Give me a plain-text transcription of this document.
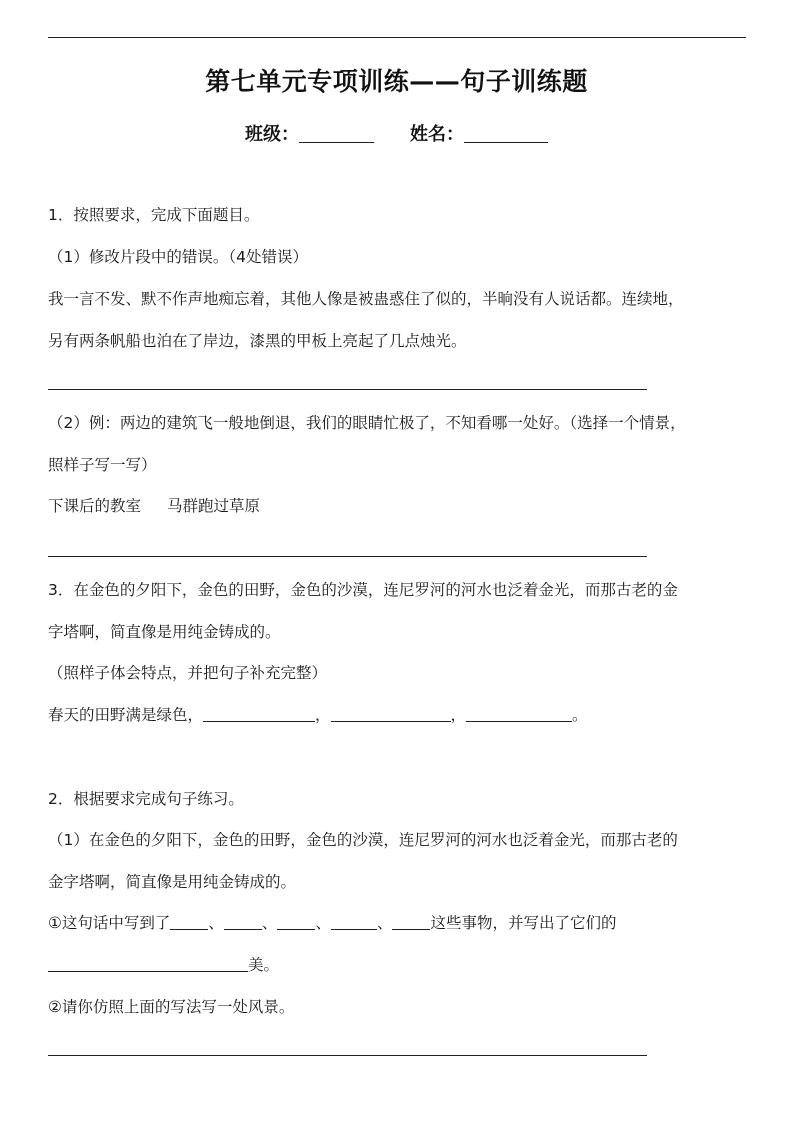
第七单元专项训练——句子训练题
班级：	姓名：
1．按照要求，完成下面题目。
（1）修改片段中的错误。（4处错误）
我一言不发、默不作声地痴忘着，其他人像是被蛊惑住了似的，半晌没有人说话都。连续地，
另有两条帆船也泊在了岸边，漆黑的甲板上亮起了几点烛光。
（2）例：两边的建筑飞一般地倒退，我们的眼睛忙极了，不知看哪一处好。（选择一个情景，
照样子写一写）
下课后的教室 马群跑过草原
3．在金色的夕阳下，金色的田野，金色的沙漠，连尼罗河的河水也泛着金光，而那古老的金
字塔啊，简直像是用纯金铸成的。
（照样子体会特点，并把句子补充完整）
春天的田野满是绿色，	，	，	。
2．根据要求完成句子练习。
（1）在金色的夕阳下，金色的田野，金色的沙漠，连尼罗河的河水也泛着金光，而那古老的
金字塔啊，简直像是用纯金铸成的。
①这句话中写到了 、 、 、	、 这些事物，并写出了它们的
美。
②请你仿照上面的写法写一处风景。
